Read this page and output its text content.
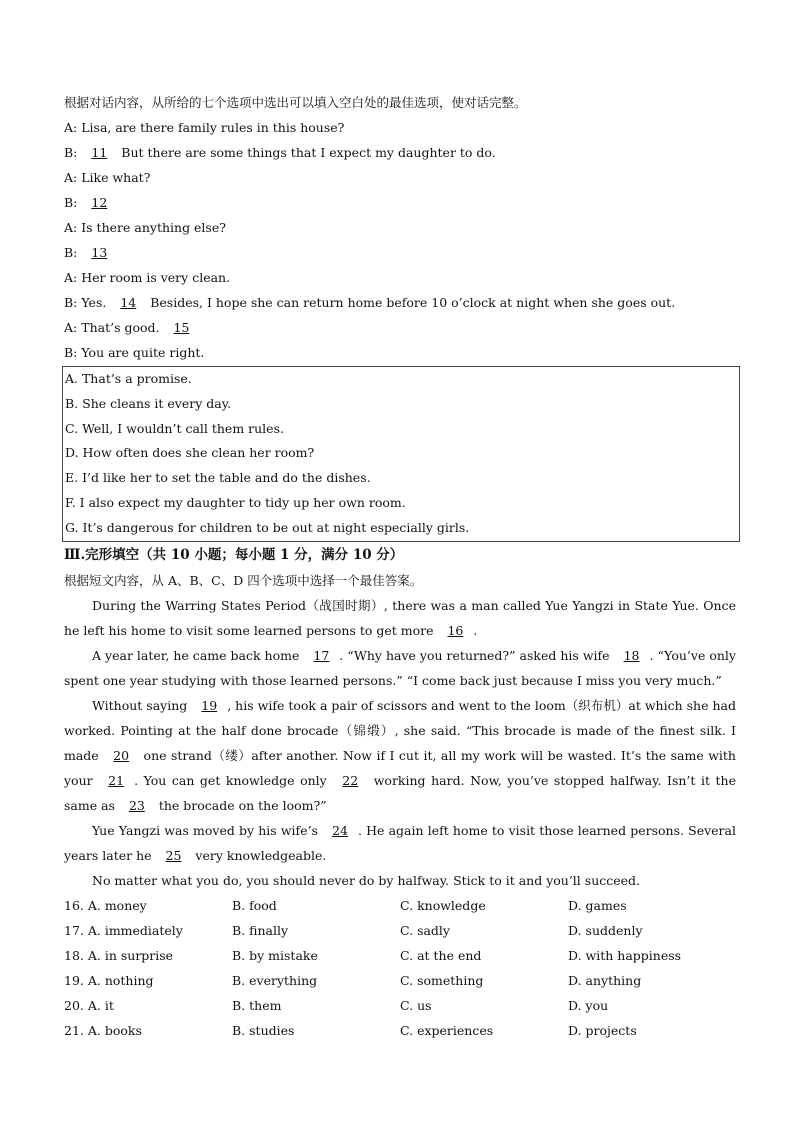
根据对话内容，从所给的七个选项中选出可以填入空白处的最佳选项，使对话完整。
A: Lisa, are there family rules in this house?
B: 11 But there are some things that I expect my daughter to do.
A: Like what?
B: 12
A: Is there anything else?
B: 13
A: Her room is very clean.
B: Yes. 14 Besides, I hope she can return home before 10 o’clock at night when she goes out.
A: That’s good. 15
B: You are quite right.
A. That’s a promise.
B. She cleans it every day.
C. Well, I wouldn’t call them rules.
D. How often does she clean her room?
E. I’d like her to set the table and do the dishes.
F. I also expect my daughter to tidy up her own room.
G. It’s dangerous for children to be out at night especially girls.
Ⅲ.完形填空（共 10 小题；每小题 1 分，满分 10 分）
根据短文内容，从 A、B、C、D 四个选项中选择一个最佳答案。
During the Warring States Period（战国时期）, there was a man called Yue Yangzi in State Yue. Once he left his home to visit some learned persons to get more 16 .
A year later, he came back home 17 . “Why have you returned?” asked his wife 18 . “You’ve only spent one year studying with those learned persons.” “I come back just because I miss you very much.”
Without saying 19 , his wife took a pair of scissors and went to the loom（织布机）at which she had worked. Pointing at the half done brocade（锦缎）, she said. “This brocade is made of the finest silk. I made 20 one strand（缕）after another. Now if I cut it, all my work will be wasted. It’s the same with your 21 . You can get knowledge only 22 working hard. Now, you’ve stopped halfway. Isn’t it the same as 23 the brocade on the loom?”
Yue Yangzi was moved by his wife’s 24 . He again left home to visit those learned persons. Several years later he 25 very knowledgeable.
No matter what you do, you should never do by halfway. Stick to it and you’ll succeed.
16. A. money	B. food	C. knowledge	D. games
17. A. immediately	B. finally	C. sadly	D. suddenly
18. A. in surprise	B. by mistake	C. at the end	D. with happiness
19. A. nothing	B. everything	C. something	D. anything
20. A. it	B. them	C. us	D. you
21. A. books	B. studies	C. experiences	D. projects
